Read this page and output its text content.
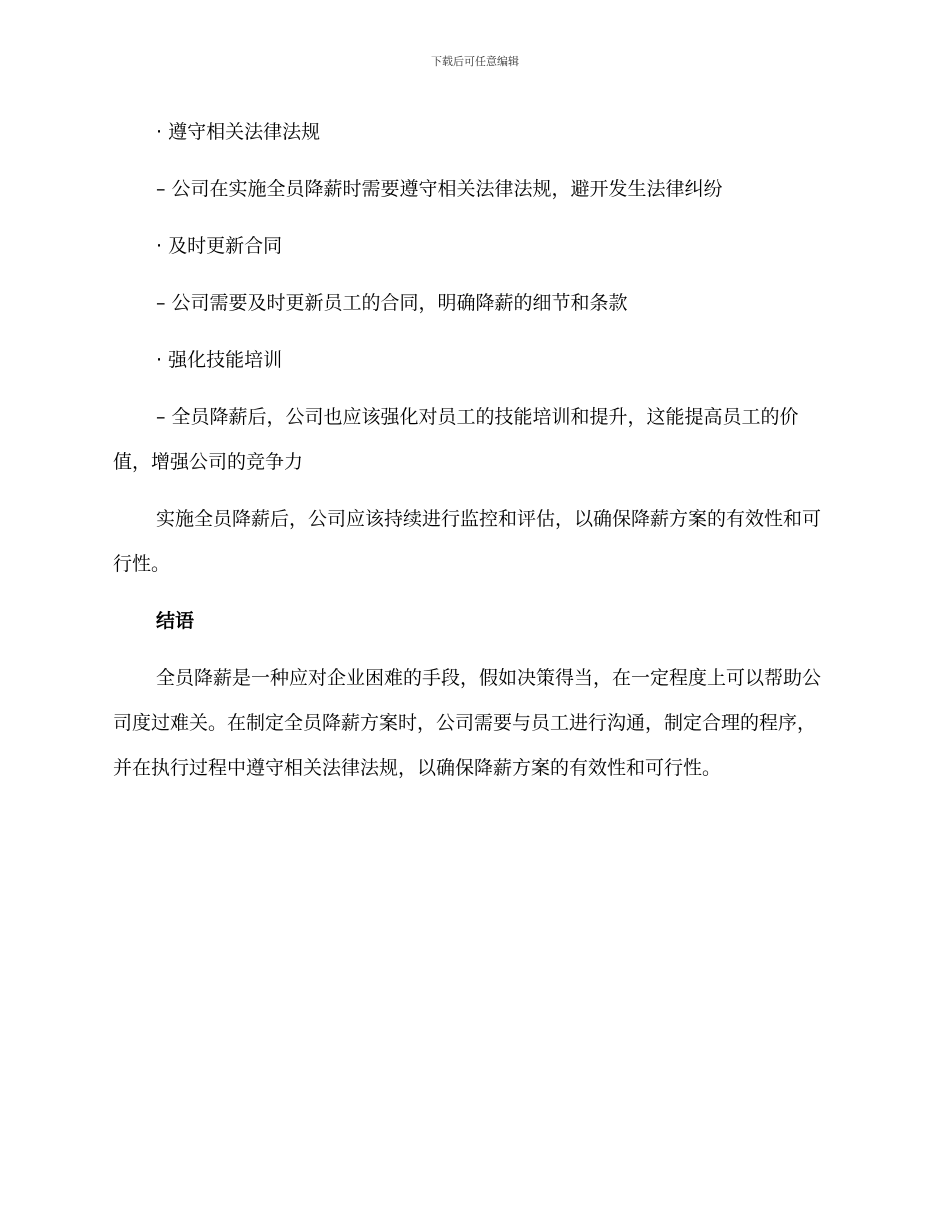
下载后可任意编辑

· 遵守相关法律法规

– 公司在实施全员降薪时需要遵守相关法律法规，避开发生法律纠纷

· 及时更新合同

– 公司需要及时更新员工的合同，明确降薪的细节和条款

· 强化技能培训

– 全员降薪后，公司也应该强化对员工的技能培训和提升，这能提高员工的价值，增强公司的竞争力

实施全员降薪后，公司应该持续进行监控和评估，以确保降薪方案的有效性和可行性。

结语

全员降薪是一种应对企业困难的手段，假如决策得当，在一定程度上可以帮助公司度过难关。在制定全员降薪方案时，公司需要与员工进行沟通，制定合理的程序，并在执行过程中遵守相关法律法规，以确保降薪方案的有效性和可行性。
